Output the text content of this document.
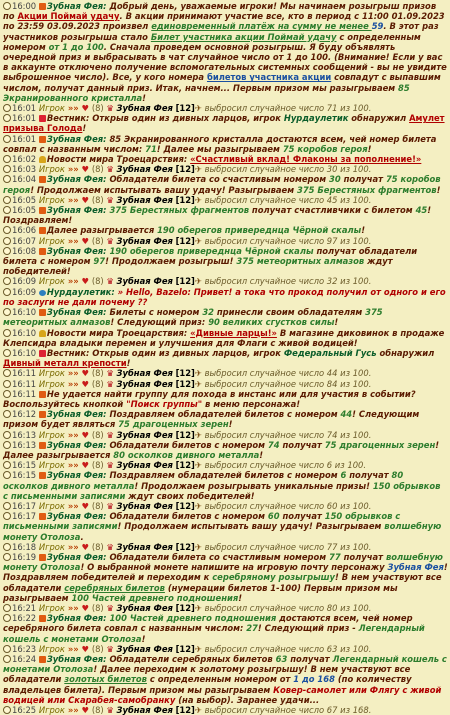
16:00 Зубная Фея: Добрый день, уважаемые игроки! Мы начинаем розыгрыш призов по Акции Поймай удачу. В акции принимают участие все, кто в период с 11:00 01.09.2023 по 23:59 03.09.2023 произвел единовременный платёж на сумму не менее 59. В этот раз участников розыгрыша стало Билет участника акции Поймай удачу с определенным номером от 1 до 100. Сначала проведем основной розыгрыш. Я буду объявлять очередной приз и выбрасывать в чат случайное число от 1 до 100. (Внимание! Если у вас в аккаунте отключено получение вспомогательных системных сообщений - вы не увидите выброшенное число). Все, у кого номера билетов участника акции совпадут с выпавшим числом, получат данный приз. Итак, начнем... Первым призом мы разыгрываем 85 Экранированного кристалла!
16:01 Игрок »» ♥ (8) ♛ Зубная Фея [12]✈ выбросил случайное число 71 из 100.
16:01 Вестник: Открыв один из дивных ларцов, игрок Нурдаулетик обнаружил Амулет призыва Голода!
16:01 Зубная Фея: 85 Экранированного кристалла достаются всем, чей номер билета совпал с названным числом: 71! Далее мы разыгрываем 75 коробов героя!
16:02 Новости мира Троецарствия: «Счастливый вклад! Флаконы за пополнение!»
16:03 Игрок »» ♥ (8) ♛ Зубная Фея [12]✈ выбросил случайное число 30 из 100.
16:04 Зубная Фея: Обладатели билета со счастливым номером 30 получат 75 коробов героя! Продолжаем испытывать вашу удачу! Разыгрываем 375 Берестяных фрагментов!
16:05 Игрок »» ♥ (8) ♛ Зубная Фея [12]✈ выбросил случайное число 45 из 100.
16:05 Зубная Фея: 375 Берестяных фрагментов получат счастливчики с билетом 45! Поздравляем!
16:06 Далее разыгрывается 190 оберегов привереднца Чёрной скалы!
16:07 Игрок »» ♥ (8) ♛ Зубная Фея [12]✈ выбросил случайное число 97 из 100.
16:08 Зубная Фея: 190 оберегов привереднца Чёрной скалы получат обладатели билета с номером 97! Продолжаем розыгрыш! 375 метеоритных алмазов ждут победителей!
16:09 Игрок »» ♥ (8) ♛ Зубная Фея [12]✈ выбросил случайное число 32 из 100.
16:09 Нурдаулетик: » Hello, Bazelo: Привет! а тока что прокод получил от одного и его по заслуги не дали почему ??
16:10 Зубная Фея: Билеты с номером 32 принесли своим обладателям 375 метеоритных алмазов! Следующий приз: 90 великих сгустков силы!
16:10 Новости мира Троецарствия: «Дивные ларцы!» В магазине диковинок в продаже Клепсидра владыки перемен и улучшения для Флаги с живой водицей!
16:10 Вестник: Открыв один из дивных ларцов, игрок Федеральный Гусь обнаружил Дивный металл крепости!
16:11 Игрок »» ♥ (8) ♛ Зубная Фея [12]✈ выбросил случайное число 44 из 100.
16:11 Игрок »» ♥ (8) ♛ Зубная Фея [12]✈ выбросил случайное число 84 из 100.
16:11 Не удается найти группу для похода в инстанс или для участия в событии? Воспользуйтесь кнопкой "Поиск группы" в меню персонажа!
16:12 Зубная Фея: Поздравляем обладателей билетов с номером 44! Следующим призом будет являться 75 драгоценных зерен!
16:13 Игрок »» ♥ (8) ♛ Зубная Фея [12]✈ выбросил случайное число 74 из 100.
16:13 Зубная Фея: Обладатели билетов с номером 74 получат 75 драгоценных зерен! Далее разыгрывается 80 осколков дивного металла!
16:15 Игрок »» ♥ (8) ♛ Зубная Фея [12]✈ выбросил случайное число 6 из 100.
16:15 Зубная Фея: Поздравляем обладателей билетов с номером 6 получат 80 осколков дивного металла! Продолжаем розыгрывать уникальные призы! 150 обрывков с письменными записями ждут своих победителей!
16:17 Игрок »» ♥ (8) ♛ Зубная Фея [12]✈ выбросил случайное число 60 из 100.
16:17 Зубная Фея: Обладатели билетов с номером 60 получат 150 обрывков с письменными записями! Продолжаем испытывать вашу удачу! Разыгрываем волшебную монету Отолоза.
16:18 Игрок »» ♥ (8) ♛ Зубная Фея [12]✈ выбросил случайное число 77 из 100.
16:19 Зубная Фея: Обладатели билета со счастливым номером 77 получат волшебную монету Отолоза! О выбранной монете напишите на игровую почту персонажу Зубная Фея! Поздравляем победителей и переходим к серебряному розыгрышу! В нем участвуют все обладатели серебряных билетов (нумерации билетов 1-100) Первым призом мы разыгрываем 100 Частей древнего подношения!
16:21 Игрок »» ♥ (8) ♛ Зубная Фея [12]✈ выбросил случайное число 80 из 100.
16:22 Зубная Фея: 100 Частей древнего подношения достаются всем, чей номер серебряного билета совпал с названным числом: 27! Следующий приз - Легендарный кошель с монетами Отолоза!
16:23 Игрок »» ♥ (8) ♛ Зубная Фея [12]✈ выбросил случайное число 63 из 100.
16:24 Зубная Фея: Обладатели серебряных билетов 63 получат Легендарный кошель с монетами Отолоза! Далее переходим к золотому розыгрышу! В нем участвуют все обладатели золотых билетов с определенным номером от 1 до 168 (по количеству владельцев билета). Первым призом мы разыгрываем Ковер-самолет или Флягу с живой водицей или Скарабея-самобранку (на выбор). Заранее удачи...
16:25 Игрок »» ♥ (8) ♛ Зубная Фея [12]✈ выбросил случайное число 67 из 168.
